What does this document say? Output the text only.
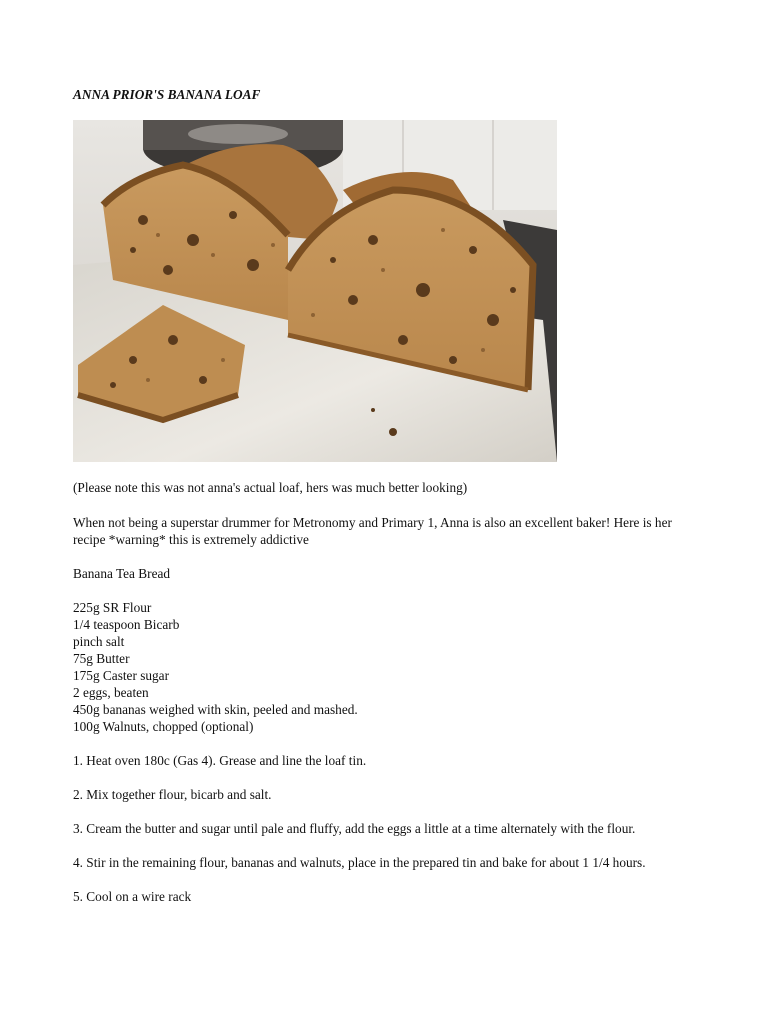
ANNA PRIOR'S BANANA LOAF

(Please note this was not anna's actual loaf, hers was much better looking)

When not being a superstar drummer for Metronomy and Primary 1, Anna is also an excellent baker! Here is her recipe *warning* this is extremely addictive

Banana Tea Bread

225g SR Flour
1/4 teaspoon Bicarb
pinch salt
75g Butter
175g Caster sugar
2 eggs, beaten
450g bananas weighed with skin, peeled and mashed.
100g Walnuts, chopped (optional)
1. Heat oven 180c (Gas 4). Grease and line the loaf tin.
2. Mix together flour, bicarb and salt.
3. Cream the butter and sugar until pale and fluffy, add the eggs a little at a time alternately with the flour.
4. Stir in the remaining flour, bananas and walnuts, place in the prepared tin and bake for about 1 1/4 hours.
5. Cool on a wire rack
